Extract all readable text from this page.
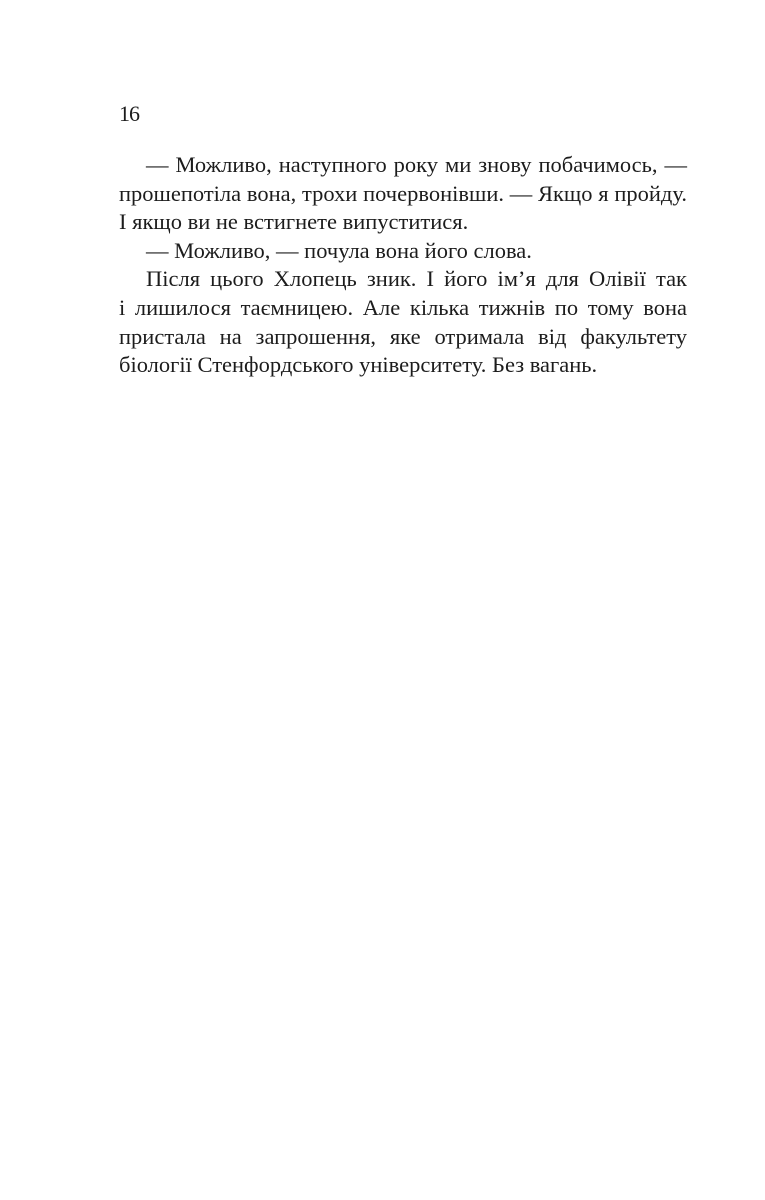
16
— Можливо, наступного року ми знову побачимось, —
прошепотіла вона, трохи почервонівши. — Якщо я пройду.
І якщо ви не встигнете випуститися.
— Можливо, — почула вона його слова.
Після цього Хлопець зник. І його ім’я для Олівії так
і лишилося таємницею. Але кілька тижнів по тому вона
пристала на запрошення, яке отримала від факультету
біології Стенфордського університету. Без вагань.
